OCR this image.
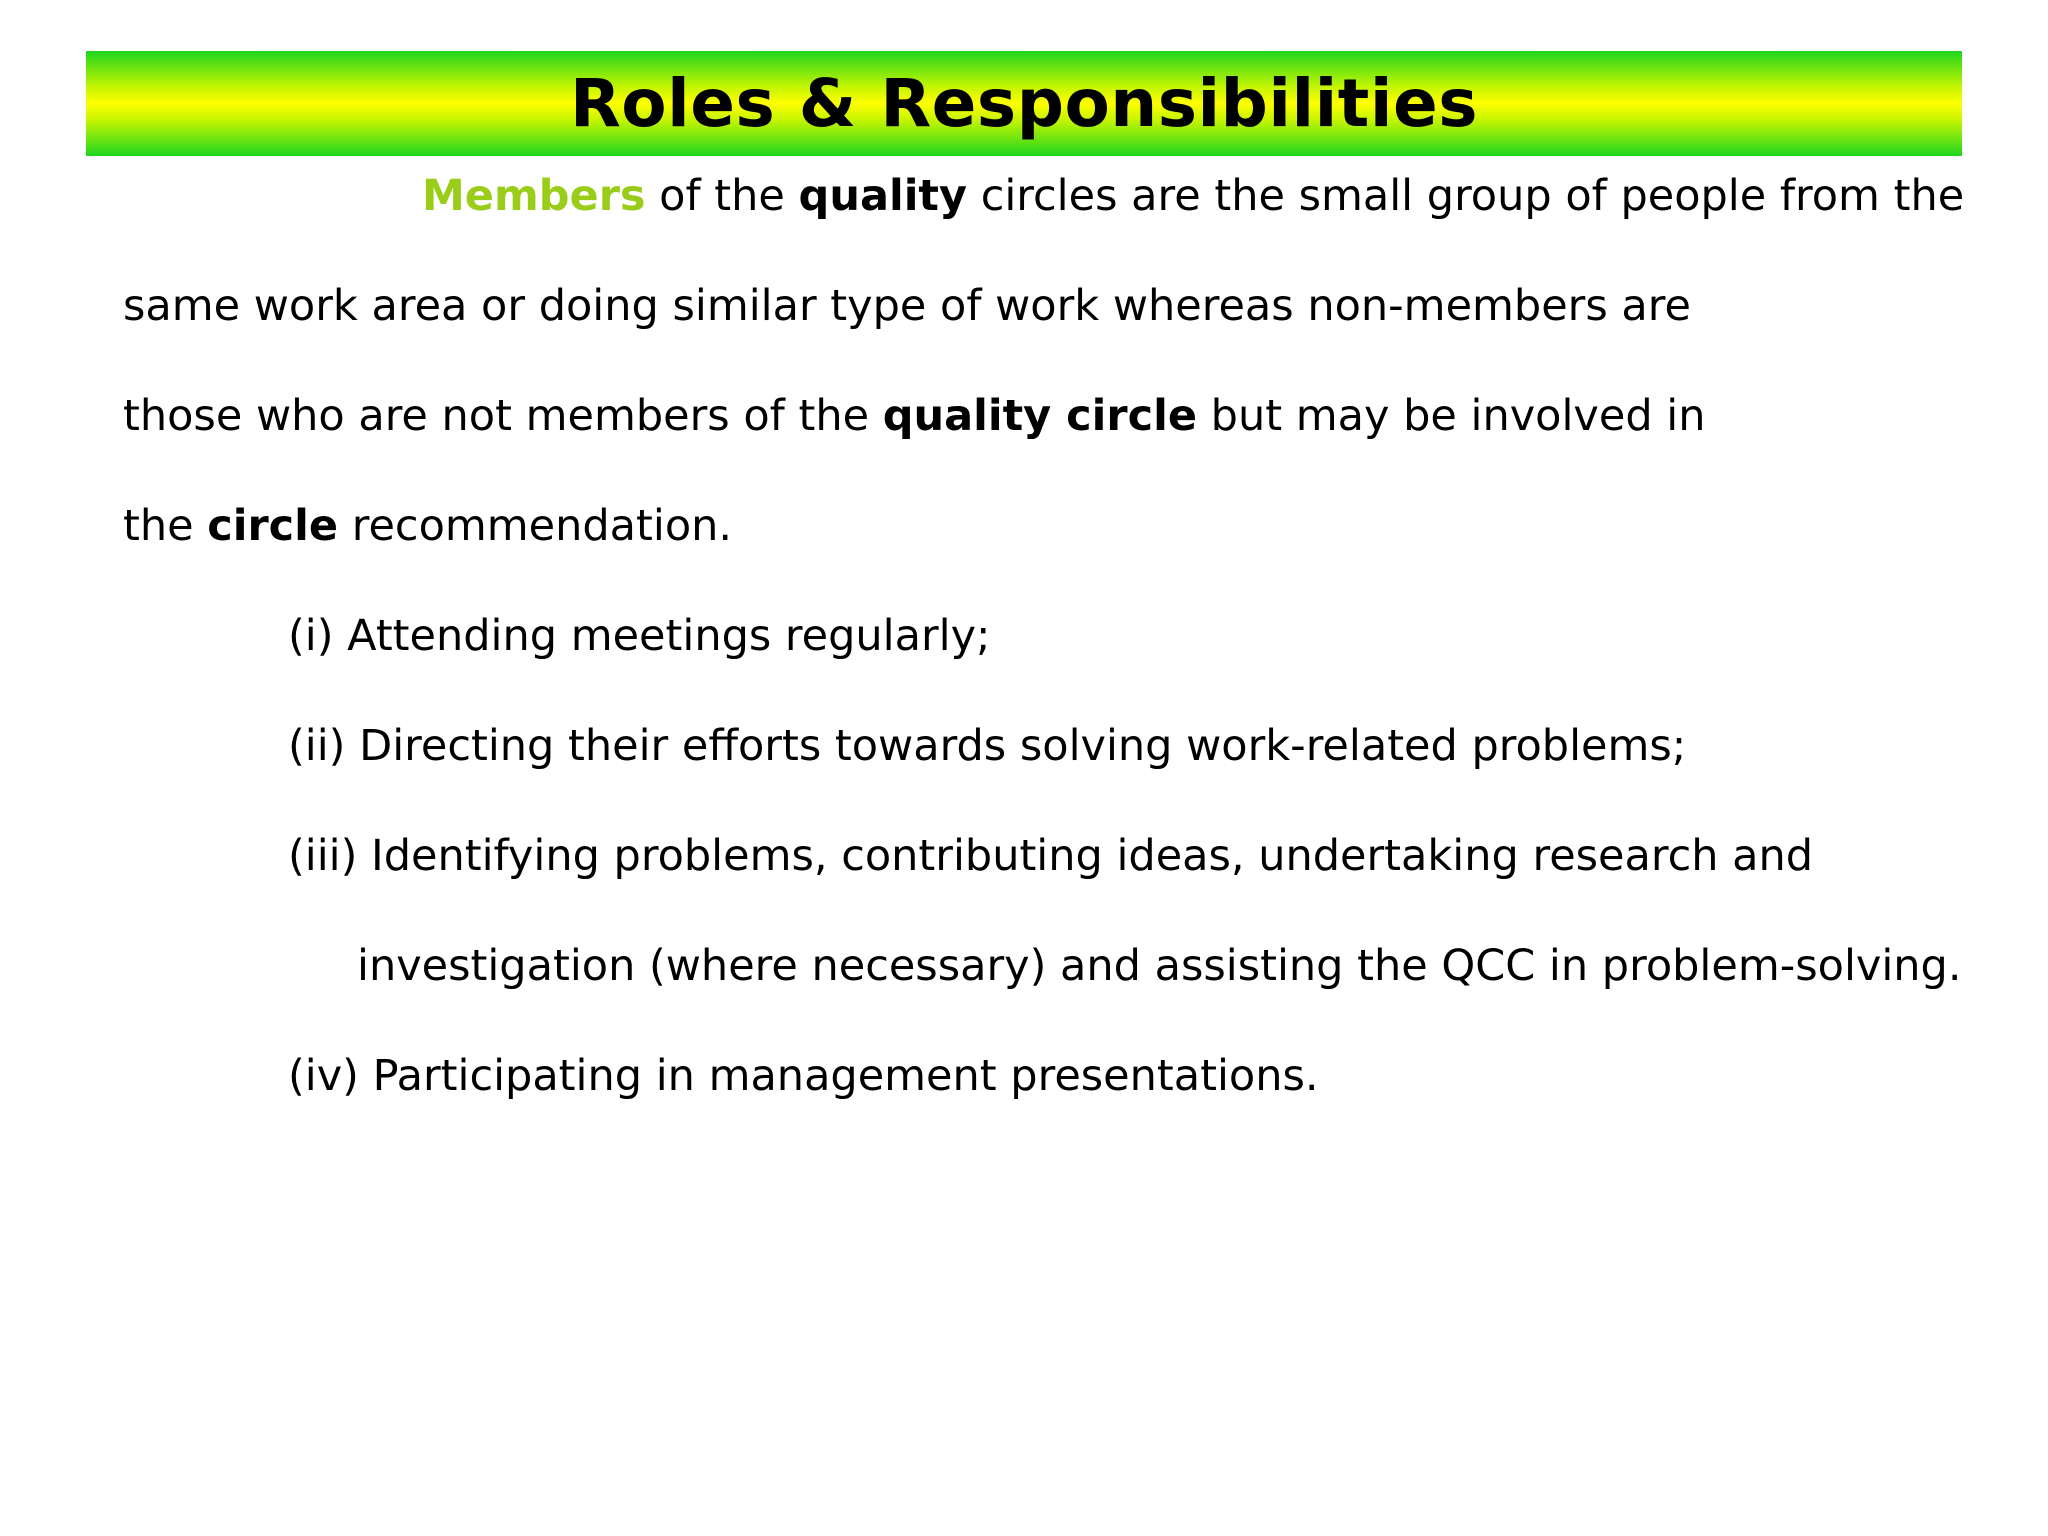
Roles & Responsibilities
Members of the quality circles are the small group of people from the
same work area or doing similar type of work whereas non-members are
those who are not members of the quality circle but may be involved in
the circle recommendation.
(i) Attending meetings regularly;
(ii) Directing their efforts towards solving work-related problems;
(iii) Identifying problems, contributing ideas, undertaking research and
investigation (where necessary) and assisting the QCC in problem-solving.
(iv) Participating in management presentations.
